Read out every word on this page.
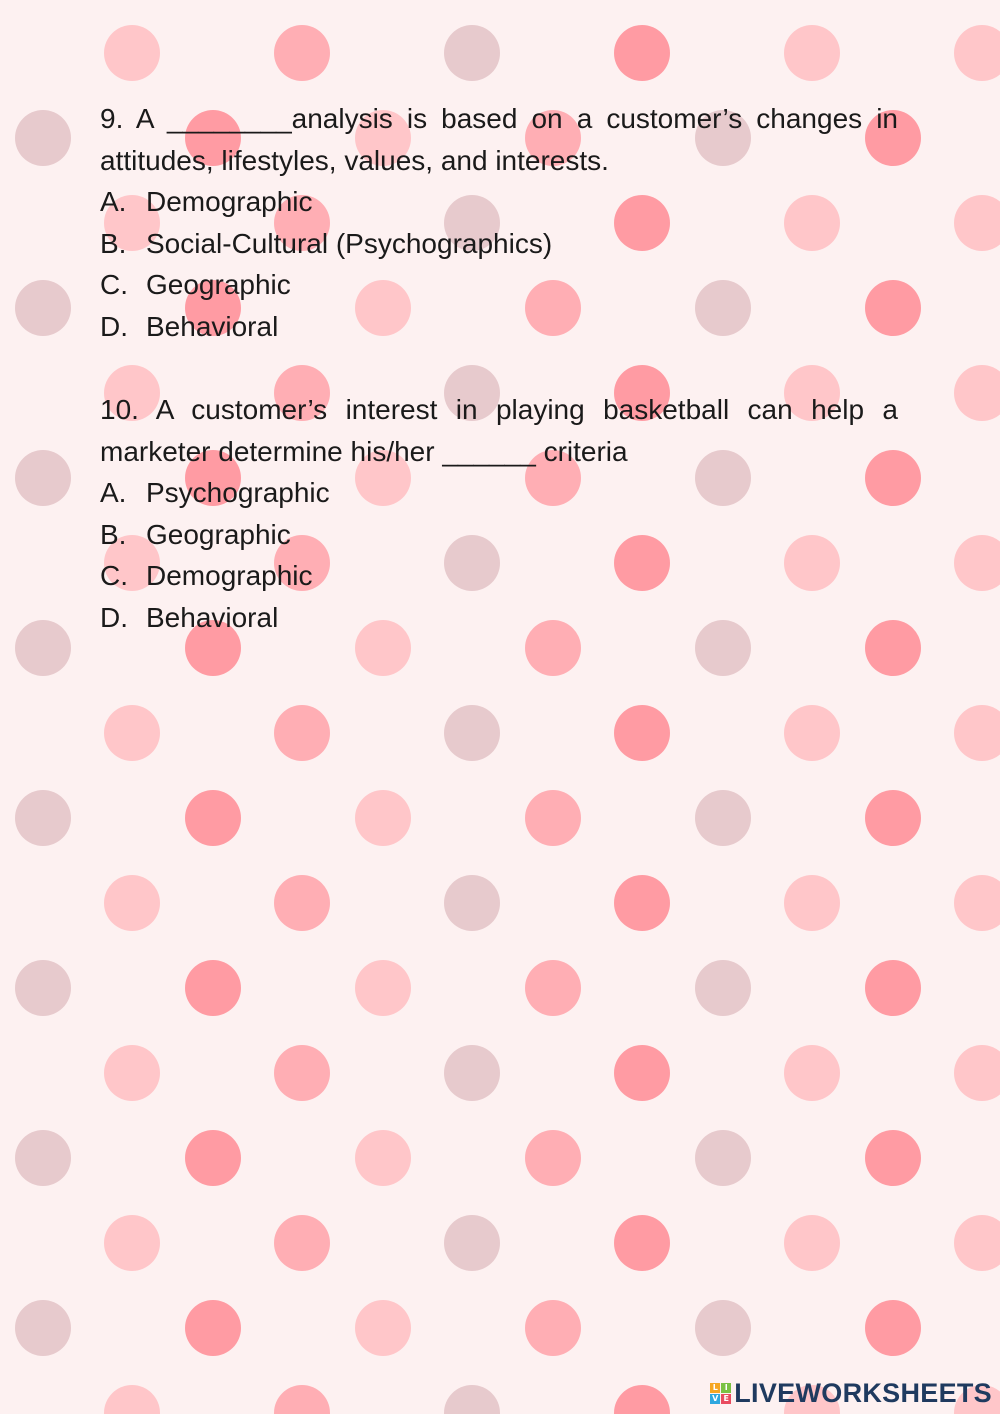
9. A ________analysis is based on a customer’s changes in attitudes, lifestyles, values, and interests.

A. Demographic
B. Social-Cultural (Psychographics)
C. Geographic
D. Behavioral

10. A customer’s interest in playing basketball can help a marketer determine his/her ______ criteria

A. Psychographic
B. Geographic
C. Demographic
D. Behavioral
L I
V E LIVEWORKSHEETS
